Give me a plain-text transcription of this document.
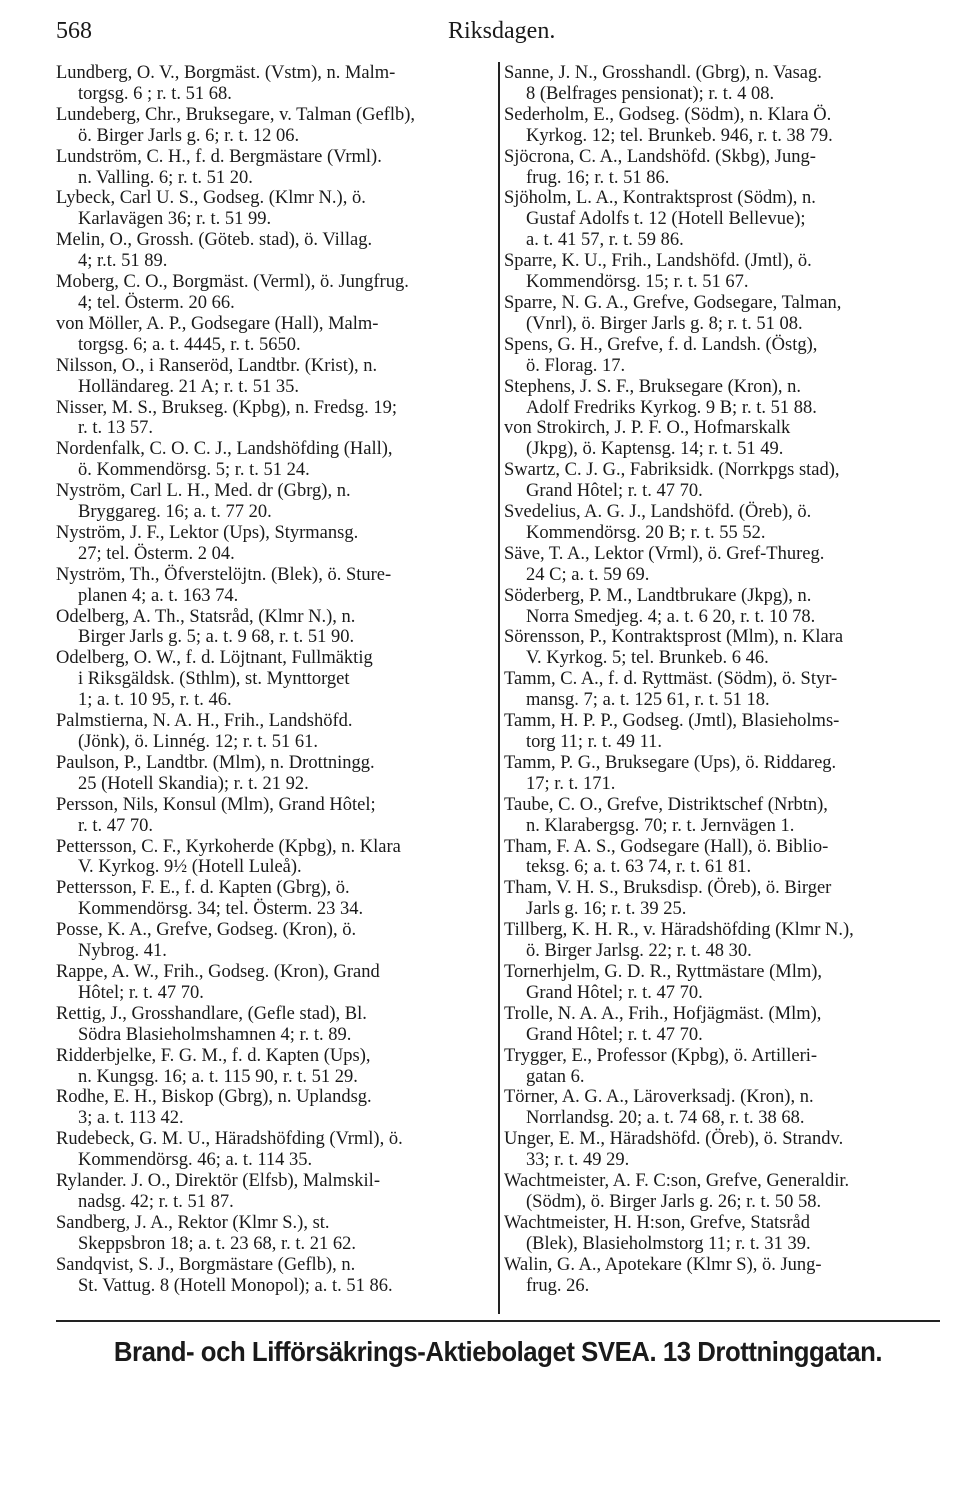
568	Riksdagen.
Lundberg, O. V., Borgmäst. (Vstm), n. Malm-
torgsg. 6 ; r. t. 51 68.
Lundeberg, Chr., Bruksegare, v. Talman (Geflb),
ö. Birger Jarls g. 6; r. t. 12 06.
Lundström, C. H., f. d. Bergmästare (Vrml).
n. Valling. 6; r. t. 51 20.
Lybeck, Carl U. S., Godseg. (Klmr N.), ö.
Karlavägen 36; r. t. 51 99.
Melin, O., Grossh. (Göteb. stad), ö. Villag.
4; r.t. 51 89.
Moberg, C. O., Borgmäst. (Verml), ö. Jungfrug.
4; tel. Österm. 20 66.
von Möller, A. P., Godsegare (Hall), Malm-
torgsg. 6; a. t. 4445, r. t. 5650.
Nilsson, O., i Ranseröd, Landtbr. (Krist), n.
Holländareg. 21 A; r. t. 51 35.
Nisser, M. S., Brukseg. (Kpbg), n. Fredsg. 19;
r. t. 13 57.
Nordenfalk, C. O. C. J., Landshöfding (Hall),
ö. Kommendörsg. 5; r. t. 51 24.
Nyström, Carl L. H., Med. dr (Gbrg), n.
Bryggareg. 16; a. t. 77 20.
Nyström, J. F., Lektor (Ups), Styrmansg.
27; tel. Österm. 2 04.
Nyström, Th., Öfverstelöjtn. (Blek), ö. Sture-
planen 4; a. t. 163 74.
Odelberg, A. Th., Statsråd, (Klmr N.), n.
Birger Jarls g. 5; a. t. 9 68, r. t. 51 90.
Odelberg, O. W., f. d. Löjtnant, Fullmäktig
i Riksgäldsk. (Sthlm), st. Mynttorget
1; a. t. 10 95, r. t. 46.
Palmstierna, N. A. H., Frih., Landshöfd.
(Jönk), ö. Linnég. 12; r. t. 51 61.
Paulson, P., Landtbr. (Mlm), n. Drottningg.
25 (Hotell Skandia); r. t. 21 92.
Persson, Nils, Konsul (Mlm), Grand Hôtel;
r. t. 47 70.
Pettersson, C. F., Kyrkoherde (Kpbg), n. Klara
V. Kyrkog. 9½ (Hotell Luleå).
Pettersson, F. E., f. d. Kapten (Gbrg), ö.
Kommendörsg. 34; tel. Österm. 23 34.
Posse, K. A., Grefve, Godseg. (Kron), ö.
Nybrog. 41.
Rappe, A. W., Frih., Godseg. (Kron), Grand
Hôtel; r. t. 47 70.
Rettig, J., Grosshandlare, (Gefle stad), Bl.
Södra Blasieholmshamnen 4; r. t. 89.
Ridderbjelke, F. G. M., f. d. Kapten (Ups),
n. Kungsg. 16; a. t. 115 90, r. t. 51 29.
Rodhe, E. H., Biskop (Gbrg), n. Uplandsg.
3; a. t. 113 42.
Rudebeck, G. M. U., Häradshöfding (Vrml), ö.
Kommendörsg. 46; a. t. 114 35.
Rylander. J. O., Direktör (Elfsb), Malmskil-
nadsg. 42; r. t. 51 87.
Sandberg, J. A., Rektor (Klmr S.), st.
Skeppsbron 18; a. t. 23 68, r. t. 21 62.
Sandqvist, S. J., Borgmästare (Geflb), n.
St. Vattug. 8 (Hotell Monopol); a. t. 51 86.
Sanne, J. N., Grosshandl. (Gbrg), n. Vasag.
8 (Belfrages pensionat); r. t. 4 08.
Sederholm, E., Godseg. (Södm), n. Klara Ö.
Kyrkog. 12; tel. Brunkeb. 946, r. t. 38 79.
Sjöcrona, C. A., Landshöfd. (Skbg), Jung-
frug. 16; r. t. 51 86.
Sjöholm, L. A., Kontraktsprost (Södm), n.
Gustaf Adolfs t. 12 (Hotell Bellevue);
a. t. 41 57, r. t. 59 86.
Sparre, K. U., Frih., Landshöfd. (Jmtl), ö.
Kommendörsg. 15; r. t. 51 67.
Sparre, N. G. A., Grefve, Godsegare, Talman,
(Vnrl), ö. Birger Jarls g. 8; r. t. 51 08.
Spens, G. H., Grefve, f. d. Landsh. (Östg),
ö. Florag. 17.
Stephens, J. S. F., Bruksegare (Kron), n.
Adolf Fredriks Kyrkog. 9 B; r. t. 51 88.
von Strokirch, J. P. F. O., Hofmarskalk
(Jkpg), ö. Kaptensg. 14; r. t. 51 49.
Swartz, C. J. G., Fabriksidk. (Norrkpgs stad),
Grand Hôtel; r. t. 47 70.
Svedelius, A. G. J., Landshöfd. (Öreb), ö.
Kommendörsg. 20 B; r. t. 55 52.
Säve, T. A., Lektor (Vrml), ö. Gref-Thureg.
24 C; a. t. 59 69.
Söderberg, P. M., Landtbrukare (Jkpg), n.
Norra Smedjeg. 4; a. t. 6 20, r. t. 10 78.
Sörensson, P., Kontraktsprost (Mlm), n. Klara
V. Kyrkog. 5; tel. Brunkeb. 6 46.
Tamm, C. A., f. d. Ryttmäst. (Södm), ö. Styr-
mansg. 7; a. t. 125 61, r. t. 51 18.
Tamm, H. P. P., Godseg. (Jmtl), Blasieholms-
torg 11; r. t. 49 11.
Tamm, P. G., Bruksegare (Ups), ö. Riddareg.
17; r. t. 171.
Taube, C. O., Grefve, Distriktschef (Nrbtn),
n. Klarabergsg. 70; r. t. Jernvägen 1.
Tham, F. A. S., Godsegare (Hall), ö. Biblio-
teksg. 6; a. t. 63 74, r. t. 61 81.
Tham, V. H. S., Bruksdisp. (Öreb), ö. Birger
Jarls g. 16; r. t. 39 25.
Tillberg, K. H. R., v. Häradshöfding (Klmr N.),
ö. Birger Jarlsg. 22; r. t. 48 30.
Tornerhjelm, G. D. R., Ryttmästare (Mlm),
Grand Hôtel; r. t. 47 70.
Trolle, N. A. A., Frih., Hofjägmäst. (Mlm),
Grand Hôtel; r. t. 47 70.
Trygger, E., Professor (Kpbg), ö. Artilleri-
gatan 6.
Törner, A. G. A., Läroverksadj. (Kron), n.
Norrlandsg. 20; a. t. 74 68, r. t. 38 68.
Unger, E. M., Häradshöfd. (Öreb), ö. Strandv.
33; r. t. 49 29.
Wachtmeister, A. F. C:son, Grefve, Generaldir.
(Södm), ö. Birger Jarls g. 26; r. t. 50 58.
Wachtmeister, H. H:son, Grefve, Statsråd
(Blek), Blasieholmstorg 11; r. t. 31 39.
Walin, G. A., Apotekare (Klmr S), ö. Jung-
frug. 26.
Brand- och Lifförsäkrings-Aktiebolaget SVEA. 13 Drottninggatan.
